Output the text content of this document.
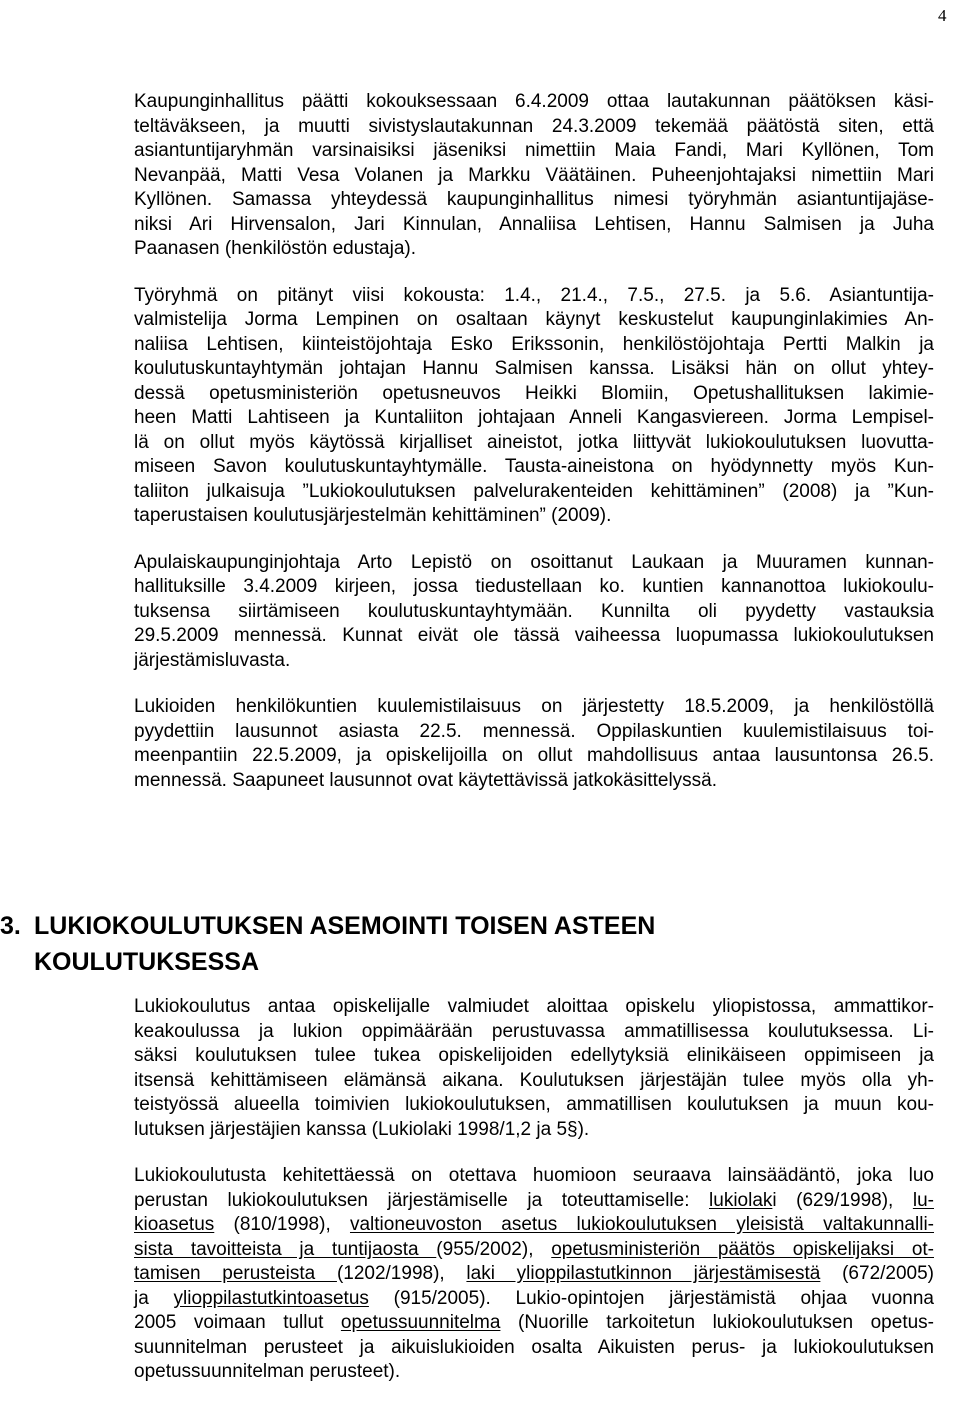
4
Kaupunginhallitus päätti kokouksessaan 6.4.2009 ottaa lautakunnan päätöksen käsi-
teltäväkseen, ja muutti sivistyslautakunnan 24.3.2009 tekemää päätöstä siten, että
asiantuntijaryhmän varsinaisiksi jäseniksi nimettiin Maia Fandi, Mari Kyllönen, Tom
Nevanpää, Matti Vesa Volanen ja Markku Väätäinen. Puheenjohtajaksi nimettiin Mari
Kyllönen. Samassa yhteydessä kaupunginhallitus nimesi työryhmän asiantuntijajäse-
niksi Ari Hirvensalon, Jari Kinnulan, Annaliisa Lehtisen, Hannu Salmisen ja Juha
Paanasen (henkilöstön edustaja).
Työryhmä on pitänyt viisi kokousta: 1.4., 21.4., 7.5., 27.5. ja 5.6. Asiantuntija-
valmistelija Jorma Lempinen on osaltaan käynyt keskustelut kaupunginlakimies An-
naliisa Lehtisen, kiinteistöjohtaja Esko Erikssonin, henkilöstöjohtaja Pertti Malkin ja
koulutuskuntayhtymän johtajan Hannu Salmisen kanssa. Lisäksi hän on ollut yhtey-
dessä opetusministeriön opetusneuvos Heikki Blomiin, Opetushallituksen lakimie-
heen Matti Lahtiseen ja Kuntaliiton johtajaan Anneli Kangasviereen. Jorma Lempisel-
lä on ollut myös käytössä kirjalliset aineistot, jotka liittyvät lukiokoulutuksen luovutta-
miseen Savon koulutuskuntayhtymälle. Tausta-aineistona on hyödynnetty myös Kun-
taliiton julkaisuja ”Lukiokoulutuksen palvelurakenteiden kehittäminen” (2008) ja ”Kun-
taperustaisen koulutusjärjestelmän kehittäminen” (2009).
Apulaiskaupunginjohtaja Arto Lepistö on osoittanut Laukaan ja Muuramen kunnan-
hallituksille 3.4.2009 kirjeen, jossa tiedustellaan ko. kuntien kannanottoa lukiokoulu-
tuksensa siirtämiseen koulutuskuntayhtymään. Kunnilta oli pyydetty vastauksia
29.5.2009 mennessä. Kunnat eivät ole tässä vaiheessa luopumassa lukiokoulutuksen
järjestämisluvasta.
Lukioiden henkilökuntien kuulemistilaisuus on järjestetty 18.5.2009, ja henkilöstöllä
pyydettiin lausunnot asiasta 22.5. mennessä. Oppilaskuntien kuulemistilaisuus toi-
meenpantiin 22.5.2009, ja opiskelijoilla on ollut mahdollisuus antaa lausuntonsa 26.5.
mennessä. Saapuneet lausunnot ovat käytettävissä jatkokäsittelyssä.
3. LUKIOKOULUTUKSEN ASEMOINTI TOISEN ASTEEN
KOULUTUKSESSA
Lukiokoulutus antaa opiskelijalle valmiudet aloittaa opiskelu yliopistossa, ammattikor-
keakoulussa ja lukion oppimäärään perustuvassa ammatillisessa koulutuksessa. Li-
säksi koulutuksen tulee tukea opiskelijoiden edellytyksiä elinikäiseen oppimiseen ja
itsensä kehittämiseen elämänsä aikana. Koulutuksen järjestäjän tulee myös olla yh-
teistyössä alueella toimivien lukiokoulutuksen, ammatillisen koulutuksen ja muun kou-
lutuksen järjestäjien kanssa (Lukiolaki 1998/1,2 ja 5§).
Lukiokoulutusta kehitettäessä on otettava huomioon seuraava lainsäädäntö, joka luo
perustan lukiokoulutuksen järjestämiselle ja toteuttamiselle: lukiolaki (629/1998), lu-
kioasetus (810/1998), valtioneuvoston asetus lukiokoulutuksen yleisistä valtakunnalli-
sista tavoitteista ja tuntijaosta (955/2002), opetusministeriön päätös opiskelijaksi ot-
tamisen perusteista (1202/1998), laki ylioppilastutkinnon järjestämisestä (672/2005)
ja ylioppilastutkintoasetus (915/2005). Lukio-opintojen järjestämistä ohjaa vuonna
2005 voimaan tullut opetussuunnitelma (Nuorille tarkoitetun lukiokoulutuksen opetus-
suunnitelman perusteet ja aikuislukioiden osalta Aikuisten perus- ja lukiokoulutuksen
opetussuunnitelman perusteet).
